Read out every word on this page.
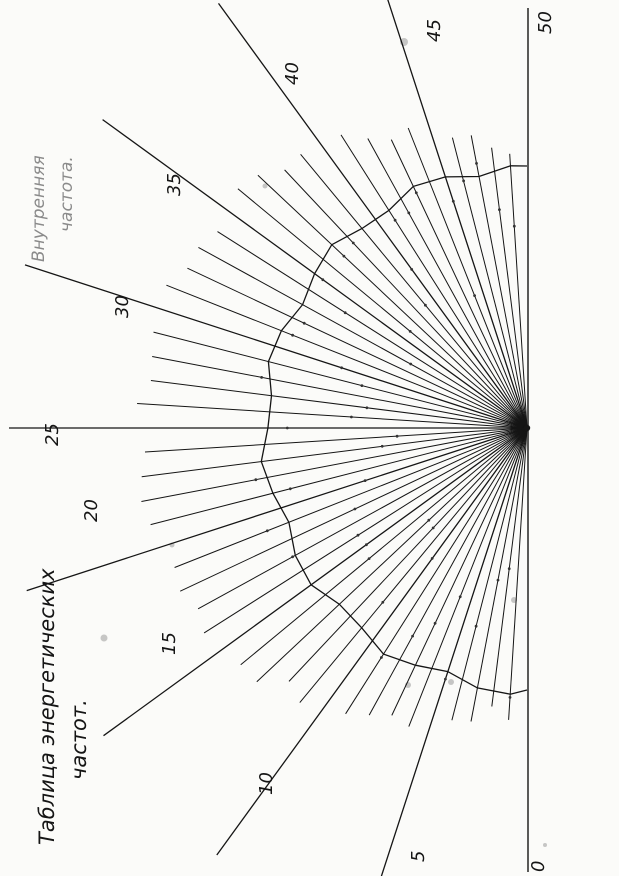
0
5
10
15
20
25
30
35
40
45	50
Таблица энергетических частот.
Внутренняя частота.
